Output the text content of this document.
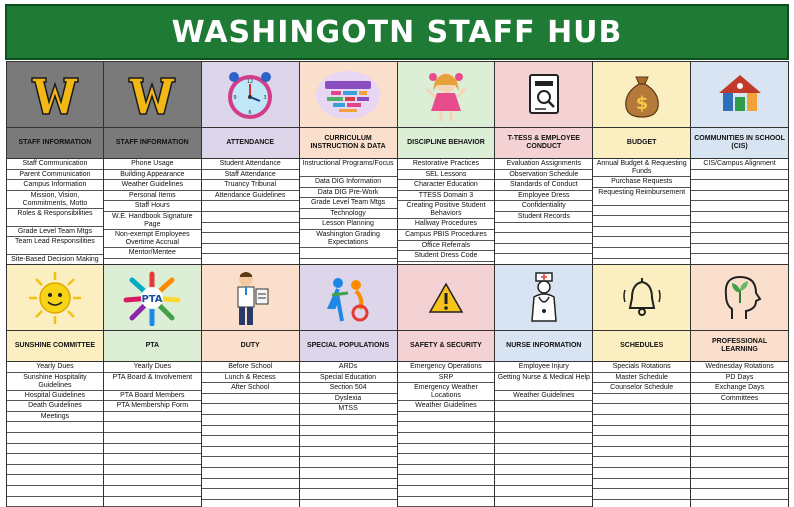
WASHINGOTN STAFF HUB
STAFF INFORMATION
Staff Communication
Parent Communication
Campus Information
Mission, Vision, Commitments, Motto
Roles & Responsibilities
Grade Level Team Mtgs
Team Lead Responsilities
Site-Based Decision Making
STAFF INFORMATION
Phone Usage
Building Appearance
Weather Guidelines
Personal Items
Staff Hours
W.E. Handbook Signature Page
Non-exempt Employees Overtime Accrual
Mentor/Mentee
12
3
6
9
ATTENDANCE
Student Attendance
Staff Attendance
Truancy Tribunal
Attendance Guidelines
CURRICULUM INSTRUCTION & DATA
Instructional Programs/Focus
Data DIG Information
Data DIG Pre-Work
Grade Level Team Mtgs
Technology
Lesson Planning
Washington Grading Expectations
DISCIPLINE BEHAVIOR
Restorative Practices
SEL Lessons
Character Education
TTESS Domain 3
Creating Positive Student Behaviors
Hallway Procedures
Campus PBIS Procedures
Office Referrals
Student Dress Code
T-TESS & EMPLOYEE CONDUCT
Evaluation Assignments
Observation Schedule
Standards of Conduct
Employee Dress
Confidentiality
Student Records
$
BUDGET
Annual Budget & Requesting Funds
Purchase Requests
Requesting Reimbursement
COMMUNITIES IN SCHOOL (CIS)
CIS/Campus Alignment
SUNSHINE COMMITTEE
Yearly Dues
Sunshine Hospitality Guidelines
Hospital Guidelines
Death Guidelines
Meetings
PTA
PTA
Yearly Dues
PTA Board & Involvement
PTA Board Members
PTA Membership Form
DUTY
Before School
Lunch & Recess
After School
SPECIAL POPULATIONS
ARDs
Special Education
Section 504
Dyslexia
MTSS
SAFETY & SECURITY
Emergency Operations
SRP
Emergency Weather Locations
Weather Guidelines
NURSE INFORMATION
Employee Injury
Getting Nurse & Medical Help
Weather Guidelines
SCHEDULES
Specials Rotations
Master Schedule
Counselor Schedule
PROFESSIONAL LEARNING
Wednesday Rotations
PD Days
Exchange Days
Committees
